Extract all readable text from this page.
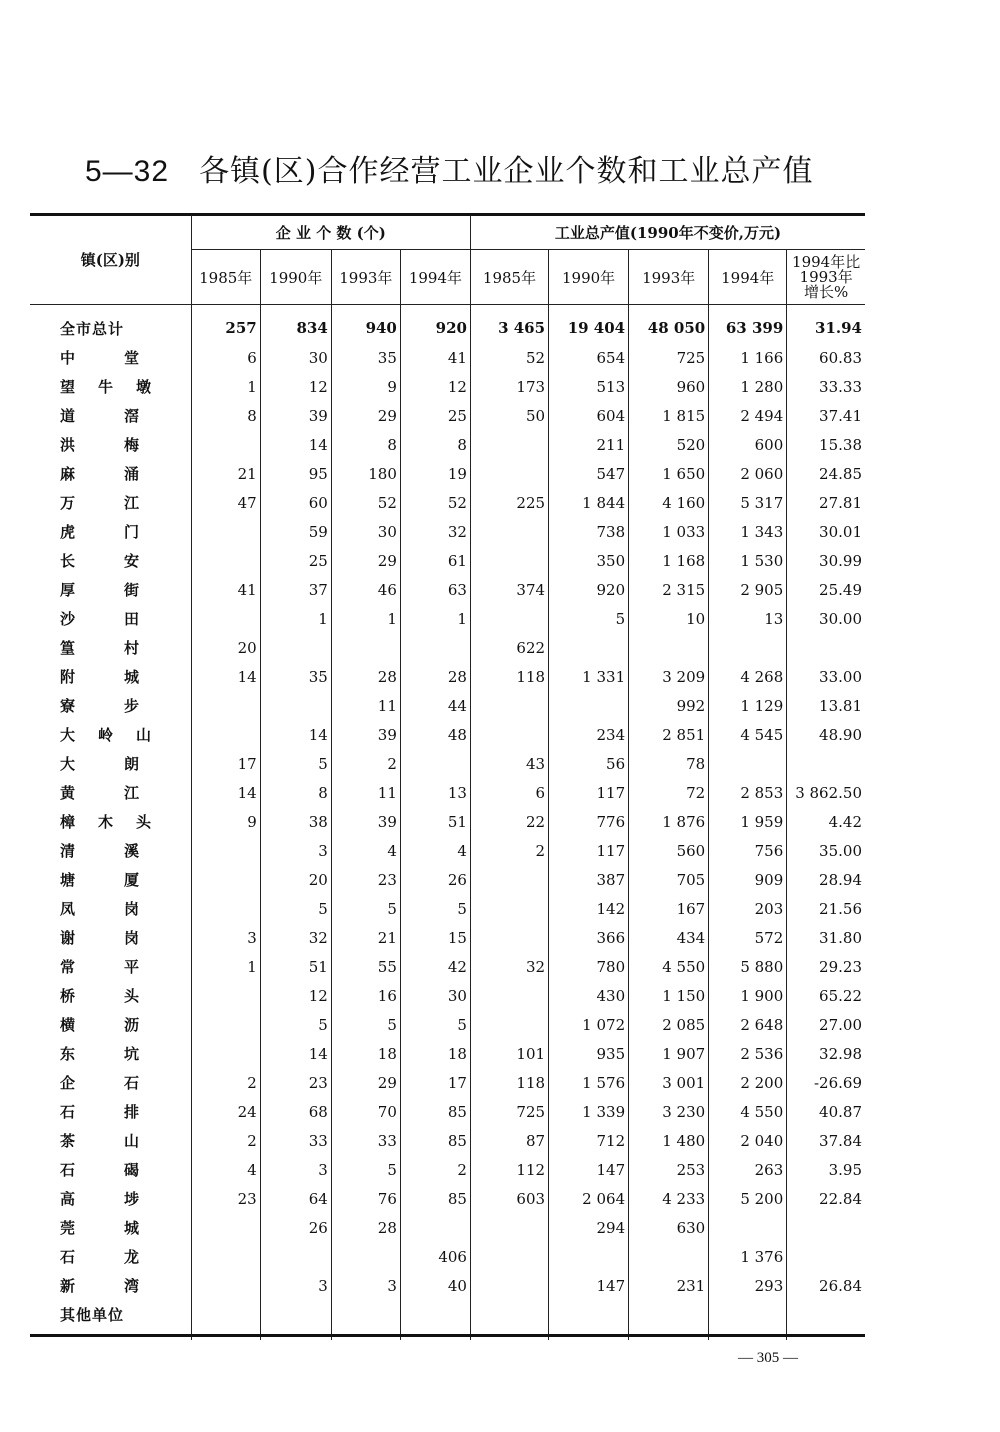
5—32 各镇(区)合作经营工业企业个数和工业总产值
镇(区)别	企 业 个 数 (个)				工业总产值(1990年不变价,万元)				
	1985年	1990年	1993年	1994年	1985年	1990年	1993年	1994年	1994年比
1993年
增长%

全市总计	257	834	940	920	3 465	19 404	48 050	63 399	31.94

中 堂	6	30	35	41	52	654	725	1 166	60.83

望 牛 墩	1	12	9	12	173	513	960	1 280	33.33

道 滘	8	39	29	25	50	604	1 815	2 494	37.41

洪 梅		14	8	8		211	520	600	15.38

麻 涌	21	95	180	19		547	1 650	2 060	24.85

万 江	47	60	52	52	225	1 844	4 160	5 317	27.81

虎 门		59	30	32		738	1 033	1 343	30.01

长 安		25	29	61		350	1 168	1 530	30.99

厚 街	41	37	46	63	374	920	2 315	2 905	25.49

沙 田		1	1	1		5	10	13	30.00

篁 村	20				622				

附 城	14	35	28	28	118	1 331	3 209	4 268	33.00

寮 步			11	44			992	1 129	13.81

大 岭 山		14	39	48		234	2 851	4 545	48.90

大 朗	17	5	2		43	56	78		

黄 江	14	8	11	13	6	117	72	2 853	3 862.50

樟 木 头	9	38	39	51	22	776	1 876	1 959	4.42

清 溪		3	4	4	2	117	560	756	35.00

塘 厦		20	23	26		387	705	909	28.94

凤 岗		5	5	5		142	167	203	21.56

谢 岗	3	32	21	15		366	434	572	31.80

常 平	1	51	55	42	32	780	4 550	5 880	29.23

桥 头		12	16	30		430	1 150	1 900	65.22

横 沥		5	5	5		1 072	2 085	2 648	27.00

东 坑		14	18	18	101	935	1 907	2 536	32.98

企 石	2	23	29	17	118	1 576	3 001	2 200	-26.69

石 排	24	68	70	85	725	1 339	3 230	4 550	40.87

茶 山	2	33	33	85	87	712	1 480	2 040	37.84

石 碣	4	3	5	2	112	147	253	263	3.95

高 埗	23	64	76	85	603	2 064	4 233	5 200	22.84

莞 城		26	28			294	630		

石 龙				406				1 376	

新 湾		3	3	40		147	231	293	26.84
其他单位									
— 305 —
